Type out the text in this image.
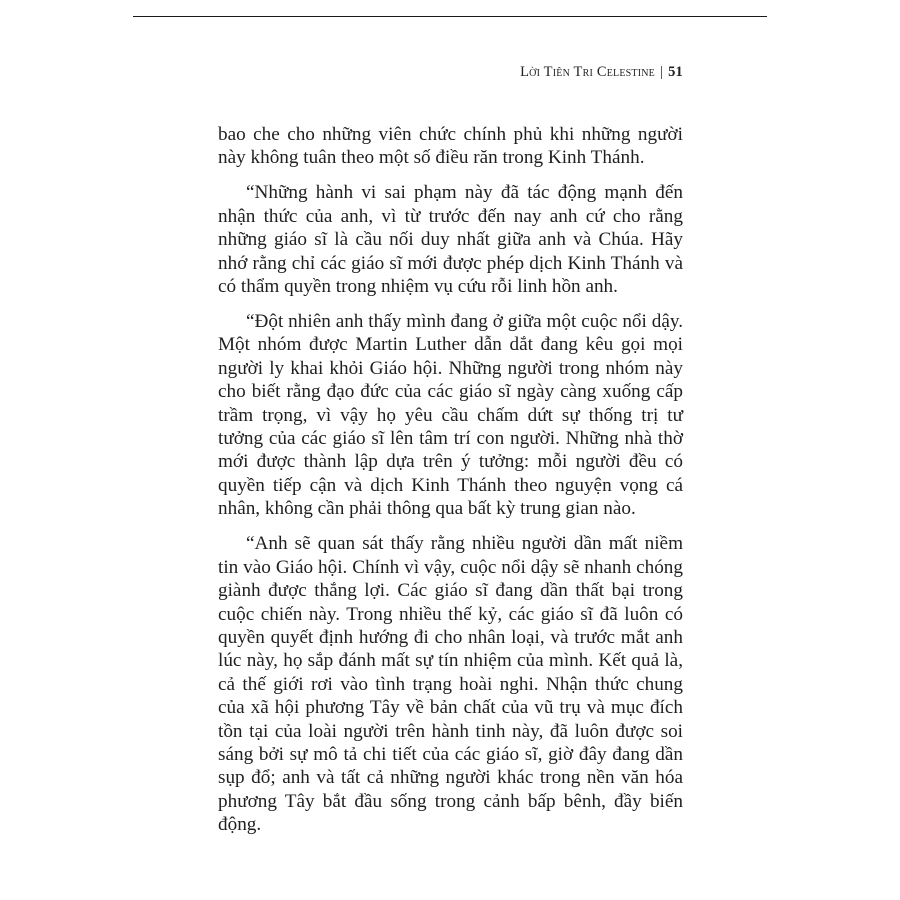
Lời Tiên Tri Celestine | 51

bao che cho những viên chức chính phủ khi những người này không tuân theo một số điều răn trong Kinh Thánh.

“Những hành vi sai phạm này đã tác động mạnh đến nhận thức của anh, vì từ trước đến nay anh cứ cho rằng những giáo sĩ là cầu nối duy nhất giữa anh và Chúa. Hãy nhớ rằng chỉ các giáo sĩ mới được phép dịch Kinh Thánh và có thẩm quyền trong nhiệm vụ cứu rỗi linh hồn anh.

“Đột nhiên anh thấy mình đang ở giữa một cuộc nổi dậy. Một nhóm được Martin Luther dẫn dắt đang kêu gọi mọi người ly khai khỏi Giáo hội. Những người trong nhóm này cho biết rằng đạo đức của các giáo sĩ ngày càng xuống cấp trầm trọng, vì vậy họ yêu cầu chấm dứt sự thống trị tư tưởng của các giáo sĩ lên tâm trí con người. Những nhà thờ mới được thành lập dựa trên ý tưởng: mỗi người đều có quyền tiếp cận và dịch Kinh Thánh theo nguyện vọng cá nhân, không cần phải thông qua bất kỳ trung gian nào.

“Anh sẽ quan sát thấy rằng nhiều người dần mất niềm tin vào Giáo hội. Chính vì vậy, cuộc nổi dậy sẽ nhanh chóng giành được thắng lợi. Các giáo sĩ đang dần thất bại trong cuộc chiến này. Trong nhiều thế kỷ, các giáo sĩ đã luôn có quyền quyết định hướng đi cho nhân loại, và trước mắt anh lúc này, họ sắp đánh mất sự tín nhiệm của mình. Kết quả là, cả thế giới rơi vào tình trạng hoài nghi. Nhận thức chung của xã hội phương Tây về bản chất của vũ trụ và mục đích tồn tại của loài người trên hành tinh này, đã luôn được soi sáng bởi sự mô tả chi tiết của các giáo sĩ, giờ đây đang dần sụp đổ; anh và tất cả những người khác trong nền văn hóa phương Tây bắt đầu sống trong cảnh bấp bênh, đầy biến động.
